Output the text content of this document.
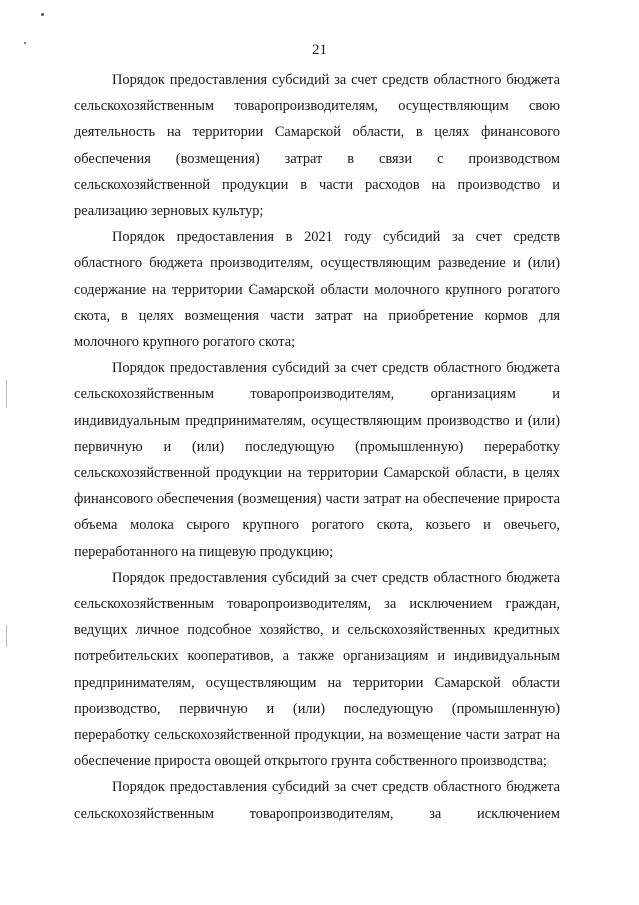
21

Порядок предоставления субсидий за счет средств областного бюджета сельскохозяйственным товаропроизводителям, осуществляющим свою деятельность на территории Самарской области, в целях финансового обеспечения (возмещения) затрат в связи с производством сельскохозяйственной продукции в части расходов на производство и реализацию зерновых культур;

Порядок предоставления в 2021 году субсидий за счет средств областного бюджета производителям, осуществляющим разведение и (или) содержание на территории Самарской области молочного крупного рогатого скота, в целях возмещения части затрат на приобретение кормов для молочного крупного рогатого скота;

Порядок предоставления субсидий за счет средств областного бюджета сельскохозяйственным товаропроизводителям, организациям и индивидуальным предпринимателям, осуществляющим производство и (или) первичную и (или) последующую (промышленную) переработку сельскохозяйственной продукции на территории Самарской области, в целях финансового обеспечения (возмещения) части затрат на обеспечение прироста объема молока сырого крупного рогатого скота, козьего и овечьего, переработанного на пищевую продукцию;

Порядок предоставления субсидий за счет средств областного бюджета сельскохозяйственным товаропроизводителям, за исключением граждан, ведущих личное подсобное хозяйство, и сельскохозяйственных кредитных потребительских кооперативов, а также организациям и индивидуальным предпринимателям, осуществляющим на территории Самарской области производство, первичную и (или) последующую (промышленную) переработку сельскохозяйственной продукции, на возмещение части затрат на обеспечение прироста овощей открытого грунта собственного производства;

Порядок предоставления субсидий за счет средств областного бюджета сельскохозяйственным товаропроизводителям, за исключением
